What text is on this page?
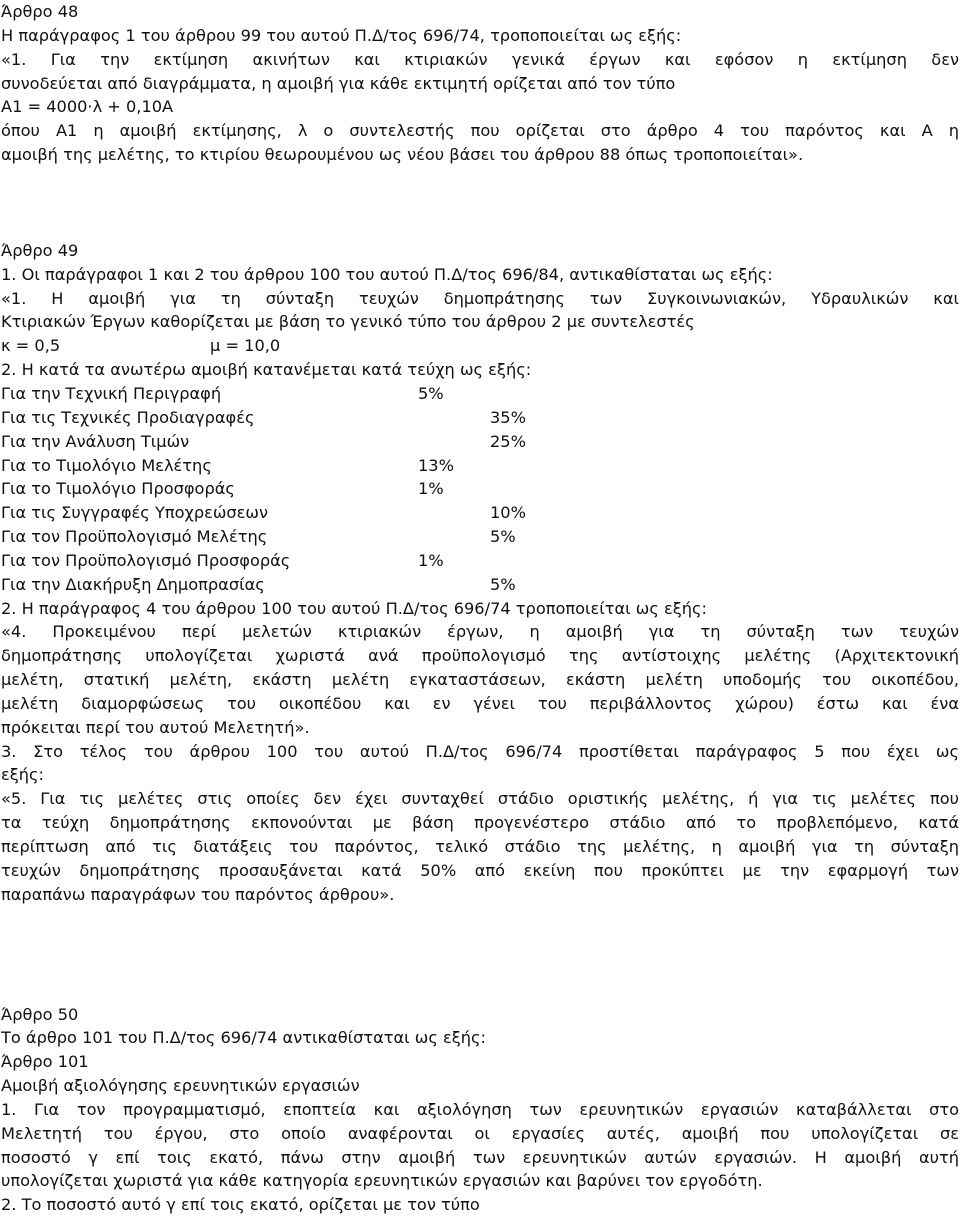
Άρθρο 48
Η παράγραφος 1 του άρθρου 99 του αυτού Π.Δ/τος 696/74, τροποποιείται ως εξής:
«1. Για την εκτίμηση ακινήτων και κτιριακών γενικά έργων και εφόσον η εκτίμηση δεν
συνοδεύεται από διαγράμματα, η αμοιβή για κάθε εκτιμητή ορίζεται από τον τύπο
Α1 = 4000·λ + 0,10Α
όπου Α1 η αμοιβή εκτίμησης, λ ο συντελεστής που ορίζεται στο άρθρο 4 του παρόντος και Α η
αμοιβή της μελέτης, το κτιρίου θεωρουμένου ως νέου βάσει του άρθρου 88 όπως τροποποιείται».
Άρθρο 49
1. Οι παράγραφοι 1 και 2 του άρθρου 100 του αυτού Π.Δ/τος 696/84, αντικαθίσταται ως εξής:
«1. Η αμοιβή για τη σύνταξη τευχών δημοπράτησης των Συγκοινωνιακών, Υδραυλικών και
Κτιριακών Έργων καθορίζεται με βάση το γενικό τύπο του άρθρου 2 με συντελεστές
κ = 0,5	μ = 10,0
2. Η κατά τα ανωτέρω αμοιβή κατανέμεται κατά τεύχη ως εξής:
Για την Τεχνική Περιγραφή	5%
Για τις Τεχνικές Προδιαγραφές	35%
Για την Ανάλυση Τιμών	25%
Για το Τιμολόγιο Μελέτης	13%
Για το Τιμολόγιο Προσφοράς	1%
Για τις Συγγραφές Υποχρεώσεων	10%
Για τον Προϋπολογισμό Μελέτης	5%
Για τον Προϋπολογισμό Προσφοράς	1%
Για την Διακήρυξη Δημοπρασίας	5%
2. Η παράγραφος 4 του άρθρου 100 του αυτού Π.Δ/τος 696/74 τροποποιείται ως εξής:
«4. Προκειμένου περί μελετών κτιριακών έργων, η αμοιβή για τη σύνταξη των τευχών
δημοπράτησης υπολογίζεται χωριστά ανά προϋπολογισμό της αντίστοιχης μελέτης (Αρχιτεκτονική
μελέτη, στατική μελέτη, εκάστη μελέτη εγκαταστάσεων, εκάστη μελέτη υποδομής του οικοπέδου,
μελέτη διαμορφώσεως του οικοπέδου και εν γένει του περιβάλλοντος χώρου) έστω και ένα
πρόκειται περί του αυτού Μελετητή».
3. Στο τέλος του άρθρου 100 του αυτού Π.Δ/τος 696/74 προστίθεται παράγραφος 5 που έχει ως
εξής:
«5. Για τις μελέτες στις οποίες δεν έχει συνταχθεί στάδιο οριστικής μελέτης, ή για τις μελέτες που
τα τεύχη δημοπράτησης εκπονούνται με βάση προγενέστερο στάδιο από το προβλεπόμενο, κατά
περίπτωση από τις διατάξεις του παρόντος, τελικό στάδιο της μελέτης, η αμοιβή για τη σύνταξη
τευχών δημοπράτησης προσαυξάνεται κατά 50% από εκείνη που προκύπτει με την εφαρμογή των
παραπάνω παραγράφων του παρόντος άρθρου».
Άρθρο 50
Το άρθρο 101 του Π.Δ/τος 696/74 αντικαθίσταται ως εξής:
Άρθρο 101
Αμοιβή αξιολόγησης ερευνητικών εργασιών
1. Για τον προγραμματισμό, εποπτεία και αξιολόγηση των ερευνητικών εργασιών καταβάλλεται στο
Μελετητή του έργου, στο οποίο αναφέρονται οι εργασίες αυτές, αμοιβή που υπολογίζεται σε
ποσοστό γ επί τοις εκατό, πάνω στην αμοιβή των ερευνητικών αυτών εργασιών. Η αμοιβή αυτή
υπολογίζεται χωριστά για κάθε κατηγορία ερευνητικών εργασιών και βαρύνει τον εργοδότη.
2. Το ποσοστό αυτό γ επί τοις εκατό, ορίζεται με τον τύπο
